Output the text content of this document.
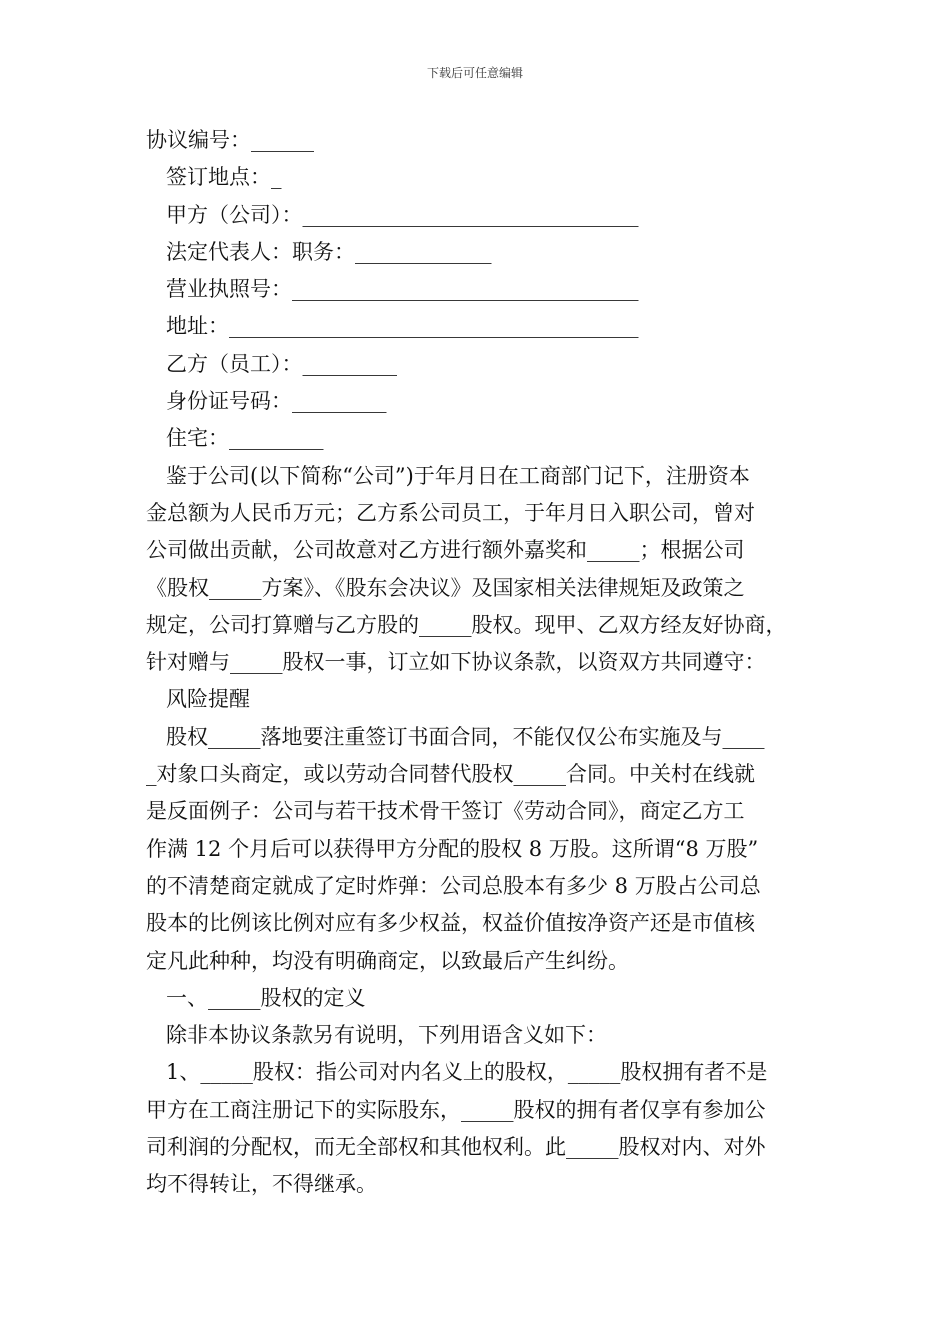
下载后可任意编辑

协议编号：______

签订地点：_

甲方（公司）：________________________________

法定代表人：职务：_____________

营业执照号：_________________________________

地址：_______________________________________

乙方（员工）：_________

身份证号码：_________

住宅：_________

鉴于公司(以下简称“公司”)于年月日在工商部门记下，注册资本

金总额为人民币万元；乙方系公司员工，于年月日入职公司，曾对

公司做出贡献，公司故意对乙方进行额外嘉奖和_____；根据公司

《股权_____方案》、《股东会决议》及国家相关法律规矩及政策之

规定，公司打算赠与乙方股的_____股权。现甲、乙双方经友好协商，

针对赠与_____股权一事，订立如下协议条款，以资双方共同遵守：

风险提醒

股权_____落地要注重签订书面合同，不能仅仅公布实施及与____

_对象口头商定，或以劳动合同替代股权_____合同。中关村在线就

是反面例子：公司与若干技术骨干签订《劳动合同》，商定乙方工

作满 12 个月后可以获得甲方分配的股权 8 万股。这所谓“8 万股”

的不清楚商定就成了定时炸弹：公司总股本有多少 8 万股占公司总

股本的比例该比例对应有多少权益，权益价值按净资产还是市值核

定凡此种种，均没有明确商定，以致最后产生纠纷。

一、_____股权的定义

除非本协议条款另有说明，下列用语含义如下：

1、_____股权：指公司对内名义上的股权，_____股权拥有者不是

甲方在工商注册记下的实际股东，_____股权的拥有者仅享有参加公

司利润的分配权，而无全部权和其他权利。此_____股权对内、对外

均不得转让，不得继承。
